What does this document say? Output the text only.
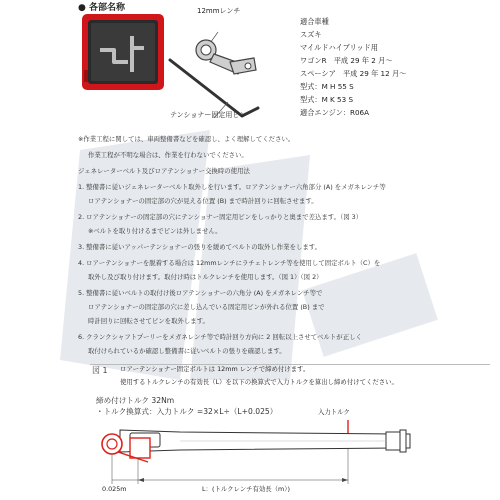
● 各部名称	12mmレンチ
テンショナー固定用ピン
適合車種
スズキ
マイルドハイブリッド用
ワゴンR　平成 29 年 2 月～
スペーシア　平成 29 年 12 月～
型式：M H 55 S
型式：M K 53 S
適合エンジン：R06A
※作業工程に関しては、車両整備書などを確認し、よく理解してください。
作業工程が不明な場合は、作業を行わないでください。
ジェネレーターベルト及びロアテンショナー交換時の使用法
1. 整備書に従いジェネレーターベルト取外しを行います。ロアテンショナー六角部分 (A) をメガネレンチ等
ロアテンショナーの固定部の穴が見える位置 (B) まで時計回りに回転させます。
2. ロアテンショナーの固定部の穴にテンショナー固定用ピンをしっかりと奥まで差込ます。（図 3）
※ベルトを取り付けるまでピンは外しません。
3. 整備書に従いアッパーテンショナーの張りを緩めてベルトの取外し作業をします。
4. ロアーテンショナーを脱着する場合は 12mmレンチにラチェトレンチ等を使用して固定ボルト（C）を
取外し及び取り付けます。取付け時はトルクレンチを使用します。（図 1）（図 2）
5. 整備書に従いベルトの取付け後ロアテンショナーの六角分 (A) をメガネレンチ等で
ロアテンショナーの固定部の穴に差し込んでいる固定用ピンが外れる位置 (B) まで
時計回りに回転させてピンを取外します。
6. クランクシャフトプーリーをメガネレンチ等で時計回り方向に 2 回転以上させてベルトが正しく
取付けられているか確認し整備書に従いベルトの張りを確認します。
図 1 ロアーテンショナー固定ボルトは 12mm レンチで締め付けます。
使用するトルクレンチの有効長（L）を以下の換算式で入力トルクを算出し締め付けてください。
締め付けトルク 32Nm
・トルク換算式：入力トルク =32×L÷（L+0.025）	入力トルク
0.025m	L：(トルクレンチ有効長（m）)
